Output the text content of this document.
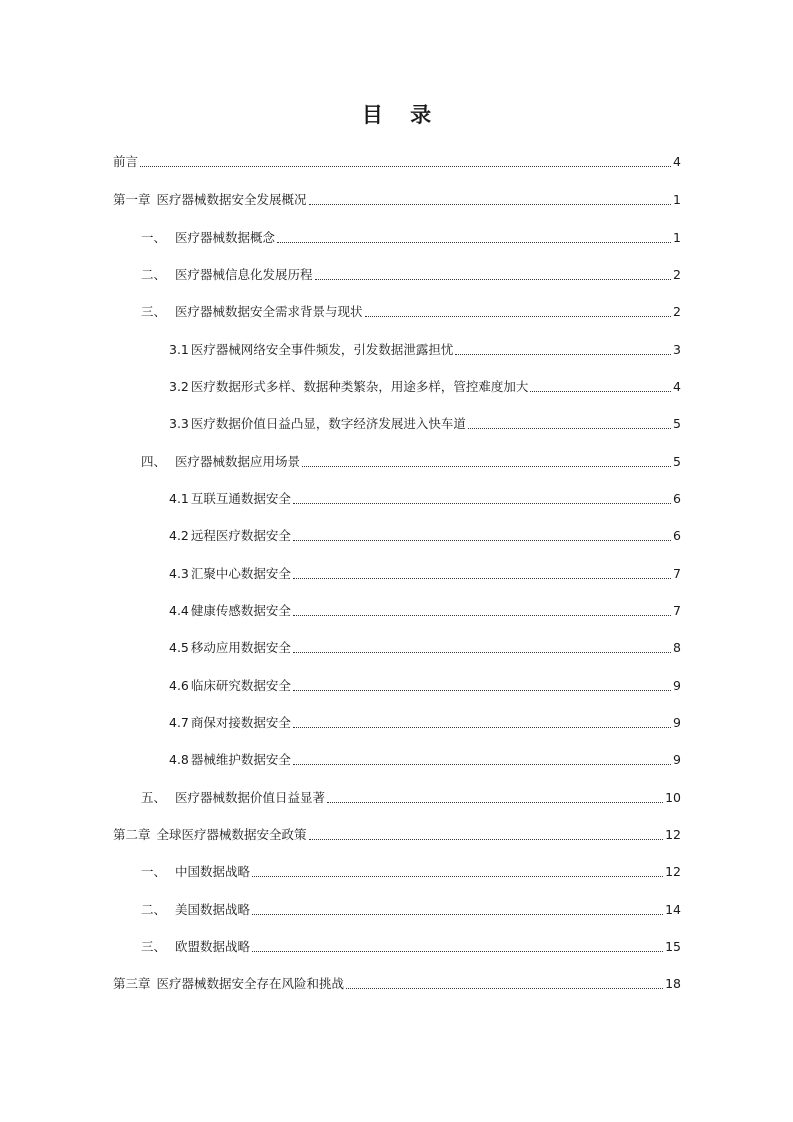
目 录
前言	4
第一章 医疗器械数据安全发展概况	1
一、 医疗器械数据概念	1
二、 医疗器械信息化发展历程	2
三、 医疗器械数据安全需求背景与现状	2
3.1 医疗器械网络安全事件频发，引发数据泄露担忧	3
3.2 医疗数据形式多样、数据种类繁杂，用途多样，管控难度加大	4
3.3 医疗数据价值日益凸显，数字经济发展进入快车道	5
四、 医疗器械数据应用场景	5
4.1 互联互通数据安全	6
4.2 远程医疗数据安全	6
4.3 汇聚中心数据安全	7
4.4 健康传感数据安全	7
4.5 移动应用数据安全	8
4.6 临床研究数据安全	9
4.7 商保对接数据安全	9
4.8 器械维护数据安全	9
五、 医疗器械数据价值日益显著	10
第二章 全球医疗器械数据安全政策	12
一、 中国数据战略	12
二、 美国数据战略	14
三、 欧盟数据战略	15
第三章 医疗器械数据安全存在风险和挑战	18
